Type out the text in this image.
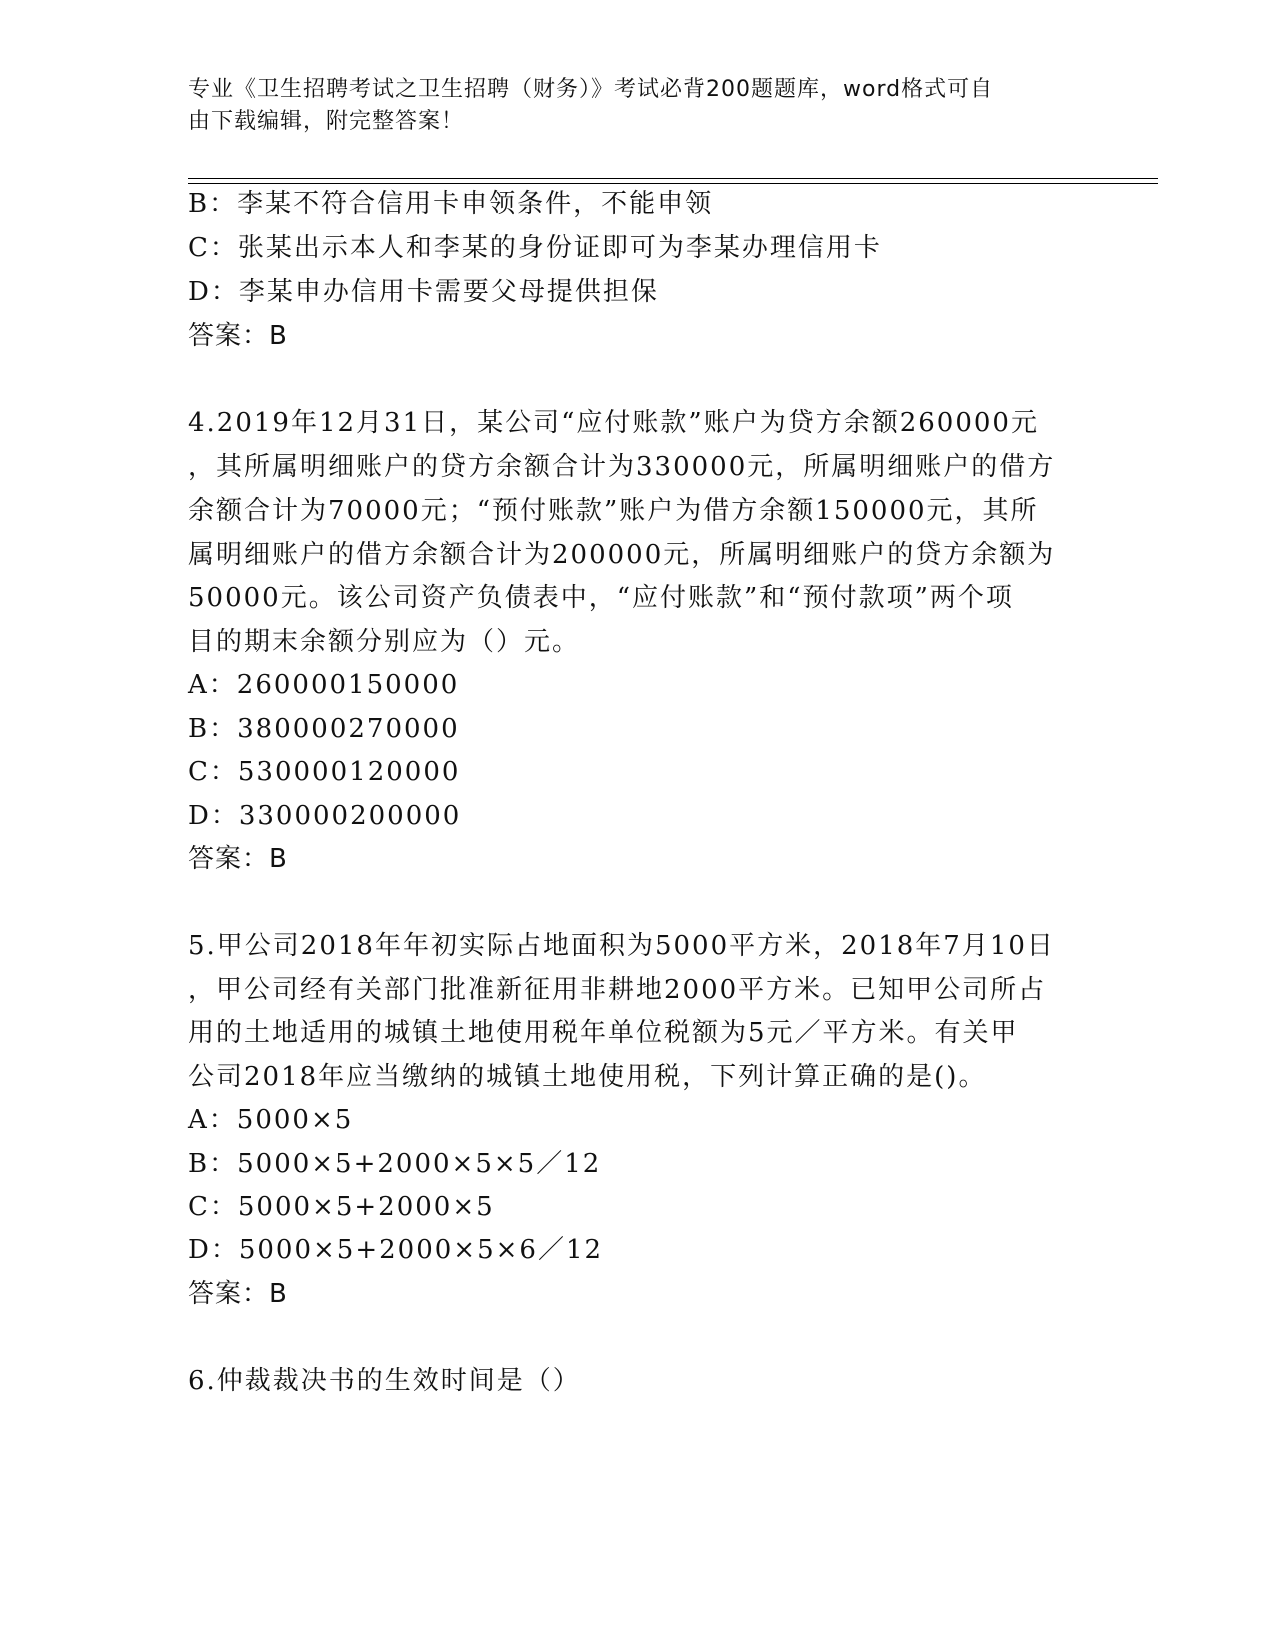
专业《卫生招聘考试之卫生招聘（财务）》考试必背200题题库，word格式可自
由下载编辑，附完整答案！
B：李某不符合信用卡申领条件，不能申领
C：张某出示本人和李某的身份证即可为李某办理信用卡
D：李某申办信用卡需要父母提供担保
答案：B
4.2019年12月31日，某公司“应付账款”账户为贷方余额260000元
，其所属明细账户的贷方余额合计为330000元，所属明细账户的借方
余额合计为70000元；“预付账款”账户为借方余额150000元，其所
属明细账户的借方余额合计为200000元，所属明细账户的贷方余额为
50000元。该公司资产负债表中，“应付账款”和“预付款项”两个项
目的期末余额分别应为（）元。
A：260000150000
B：380000270000
C：530000120000
D：330000200000
答案：B
5.甲公司2018年年初实际占地面积为5000平方米，2018年7月10日
，甲公司经有关部门批准新征用非耕地2000平方米。已知甲公司所占
用的土地适用的城镇土地使用税年单位税额为5元／平方米。有关甲
公司2018年应当缴纳的城镇土地使用税，下列计算正确的是()。
A：5000×5
B：5000×5+2000×5×5／12
C：5000×5+2000×5
D：5000×5+2000×5×6／12
答案：B
6.仲裁裁决书的生效时间是（）
